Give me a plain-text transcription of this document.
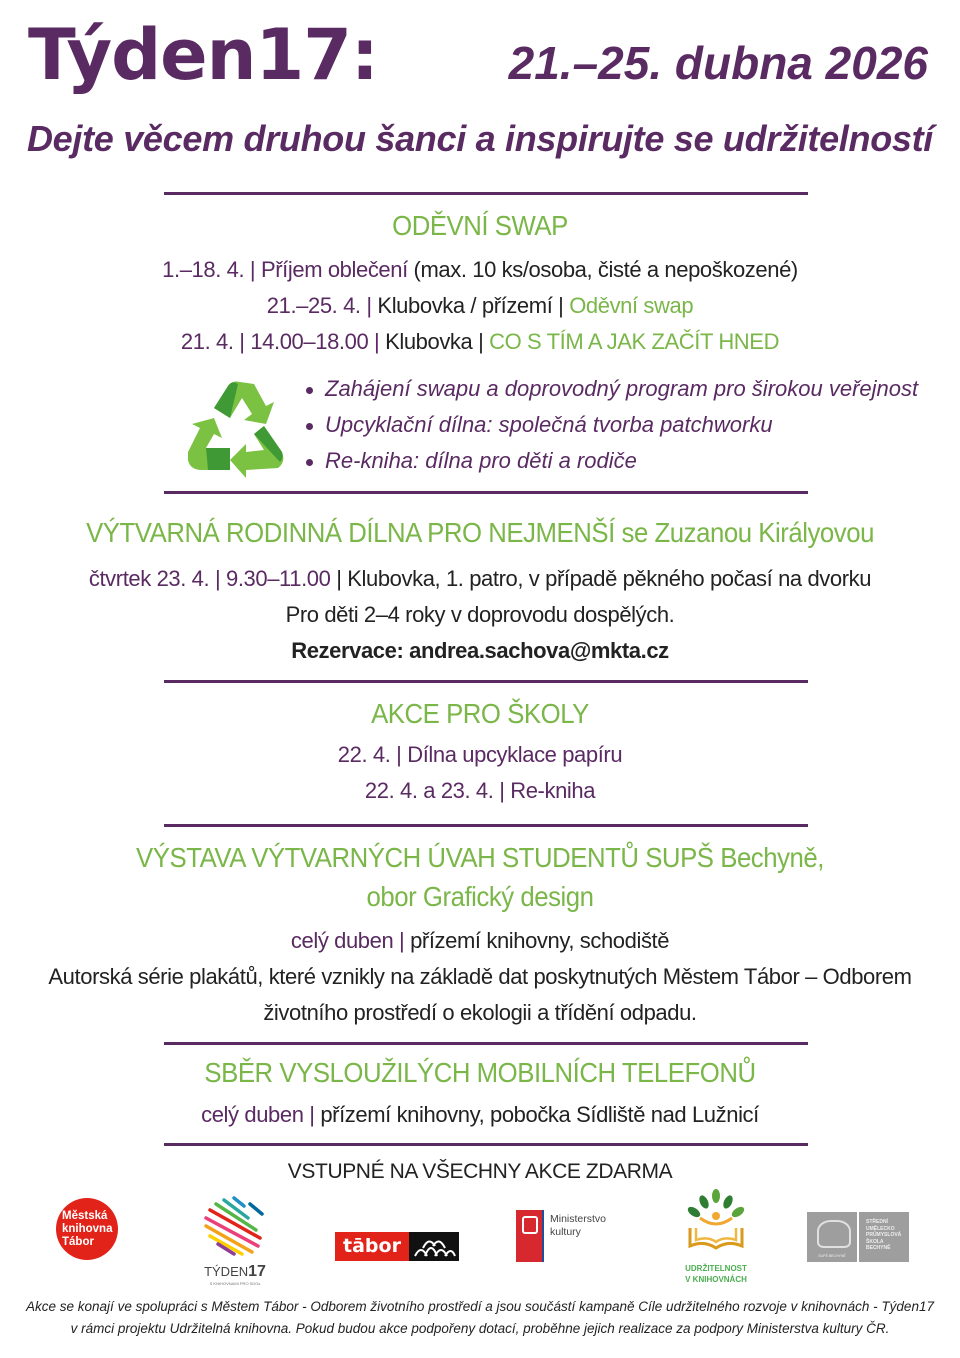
Týden17:	21.–25. dubna 2026
Dejte věcem druhou šanci a inspirujte se udržitelností
ODĚVNÍ SWAP
1.–18. 4. | Příjem oblečení (max. 10 ks/osoba, čisté a nepoškozené)
21.–25. 4. | Klubovka / přízemí | Oděvní swap
21. 4. | 14.00–18.00 | Klubovka | CO S TÍM A JAK ZAČÍT HNED
Zahájení swapu a doprovodný program pro širokou veřejnost
Upcyklační dílna: společná tvorba patchworku
Re-kniha: dílna pro děti a rodiče
VÝTVARNÁ RODINNÁ DÍLNA PRO NEJMENŠÍ se Zuzanou Királyovou
čtvrtek 23. 4. | 9.30–11.00 | Klubovka, 1. patro, v případě pěkného počasí na dvorku
Pro děti 2–4 roky v doprovodu dospělých.
Rezervace: andrea.sachova@mkta.cz
AKCE PRO ŠKOLY
22. 4. | Dílna upcyklace papíru
22. 4. a 23. 4. | Re-kniha
VÝSTAVA VÝTVARNÝCH ÚVAH STUDENTŮ SUPŠ Bechyně,
obor Grafický design
celý duben | přízemí knihovny, schodiště
Autorská série plakátů, které vznikly na základě dat poskytnutých Městem Tábor – Odborem
životního prostředí o ekologii a třídění odpadu.
SBĚR VYSLOUŽILÝCH MOBILNÍCH TELEFONŮ
celý duben | přízemí knihovny, pobočka Sídliště nad Lužnicí
VSTUPNÉ NA VŠECHNY AKCE ZDARMA
Městská
knihovna
Tábor
TÝDEN17
S KNIHOVNAMI PRO SDGs
tābor
Ministerstvo
kultury
UDRŽITELNOST
V KNIHOVNÁCH
SUPŠ BECHYNĚ
STŘEDNÍ
UMĚLECKO
PRŮMYSLOVÁ
ŠKOLA
BECHYNĚ
Akce se konají ve spolupráci s Městem Tábor - Odborem životního prostředí a jsou součástí kampaně Cíle udržitelného rozvoje v knihovnách - Týden17
v rámci projektu Udržitelná knihovna. Pokud budou akce podpořeny dotací, proběhne jejich realizace za podpory Ministerstva kultury ČR.
